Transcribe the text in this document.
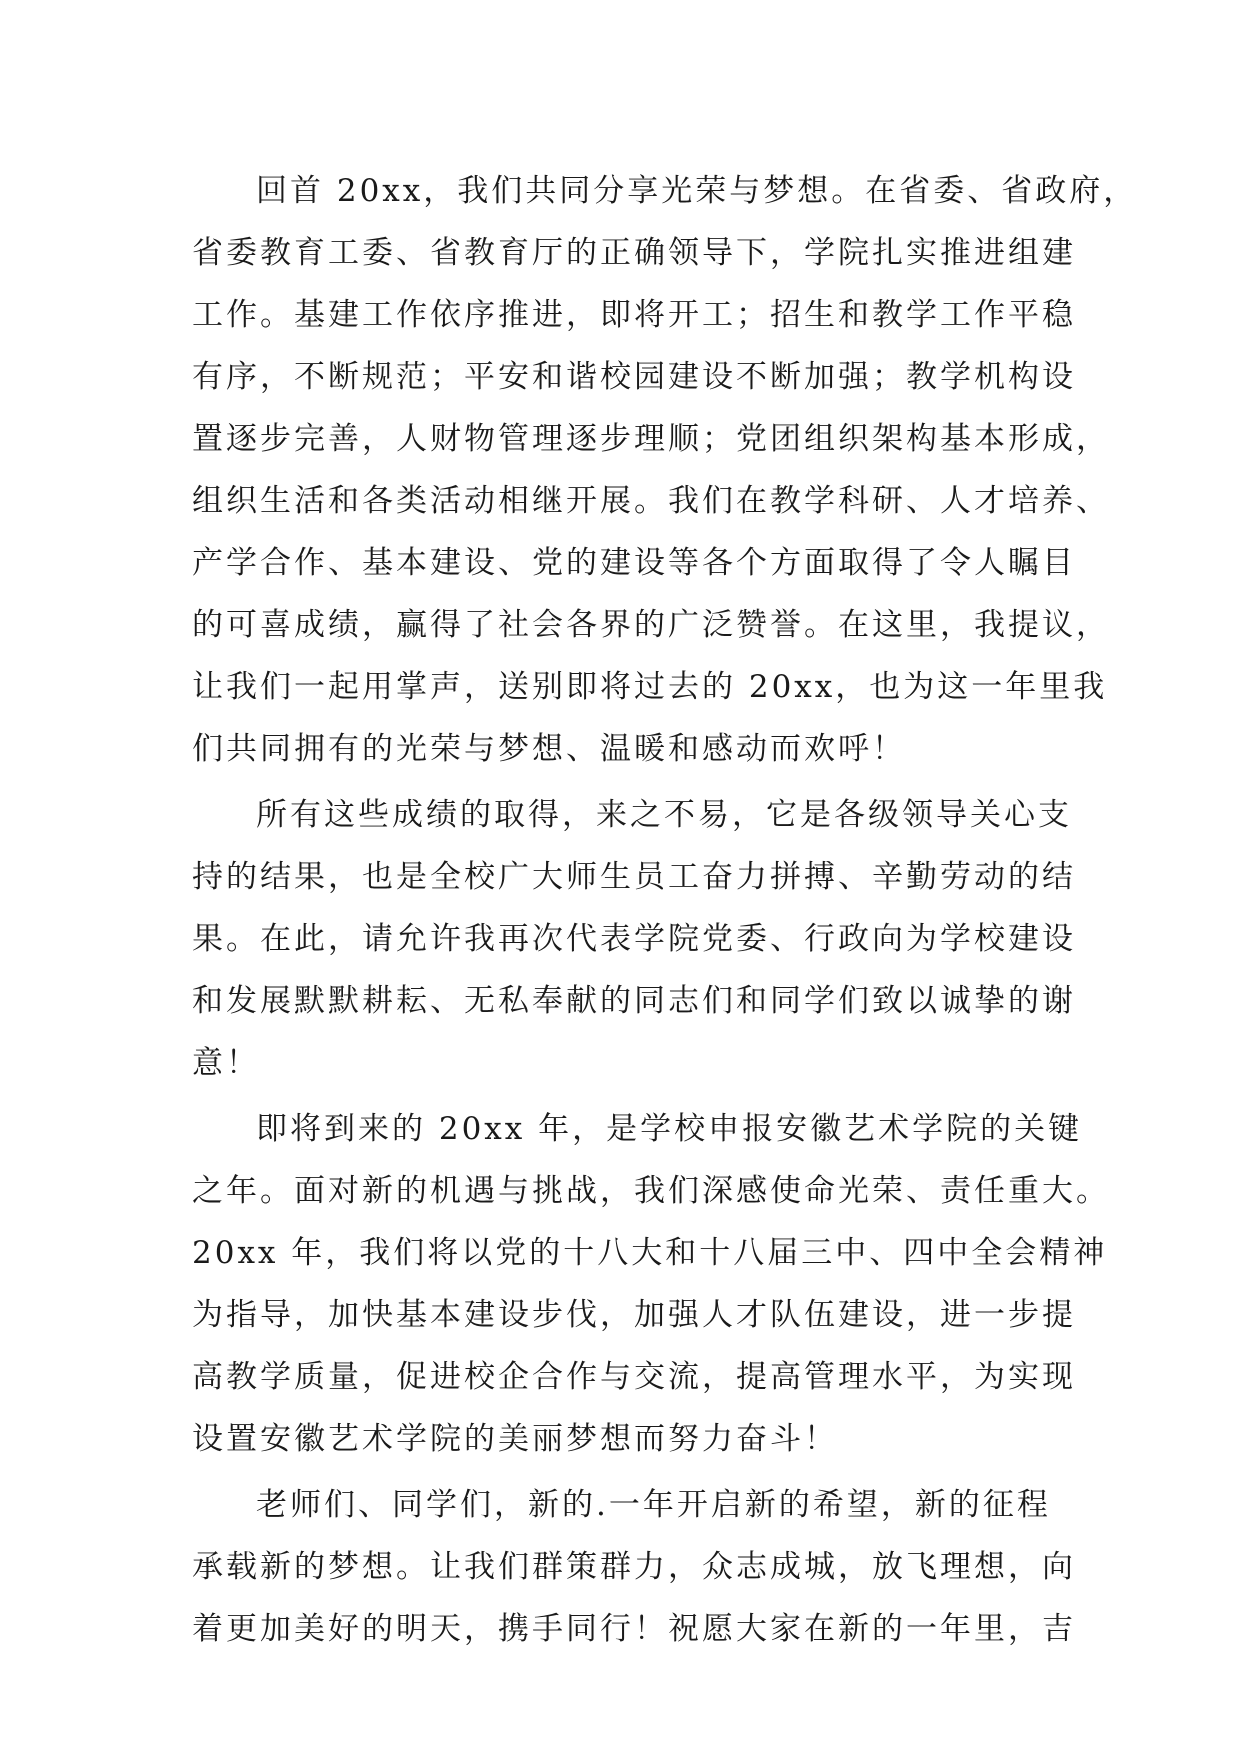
回首 20xx，我们共同分享光荣与梦想。在省委、省政府，
省委教育工委、省教育厅的正确领导下，学院扎实推进组建
工作。基建工作依序推进，即将开工；招生和教学工作平稳
有序，不断规范；平安和谐校园建设不断加强；教学机构设
置逐步完善，人财物管理逐步理顺；党团组织架构基本形成，
组织生活和各类活动相继开展。我们在教学科研、人才培养、
产学合作、基本建设、党的建设等各个方面取得了令人瞩目
的可喜成绩，赢得了社会各界的广泛赞誉。在这里，我提议，
让我们一起用掌声，送别即将过去的 20xx，也为这一年里我
们共同拥有的光荣与梦想、温暖和感动而欢呼！
所有这些成绩的取得，来之不易，它是各级领导关心支
持的结果，也是全校广大师生员工奋力拼搏、辛勤劳动的结
果。在此，请允许我再次代表学院党委、行政向为学校建设
和发展默默耕耘、无私奉献的同志们和同学们致以诚挚的谢
意！
即将到来的 20xx 年，是学校申报安徽艺术学院的关键
之年。面对新的机遇与挑战，我们深感使命光荣、责任重大。
20xx 年，我们将以党的十八大和十八届三中、四中全会精神
为指导，加快基本建设步伐，加强人才队伍建设，进一步提
高教学质量，促进校企合作与交流，提高管理水平，为实现
设置安徽艺术学院的美丽梦想而努力奋斗！
老师们、同学们，新的.一年开启新的希望，新的征程
承载新的梦想。让我们群策群力，众志成城，放飞理想，向
着更加美好的明天，携手同行！祝愿大家在新的一年里，吉
